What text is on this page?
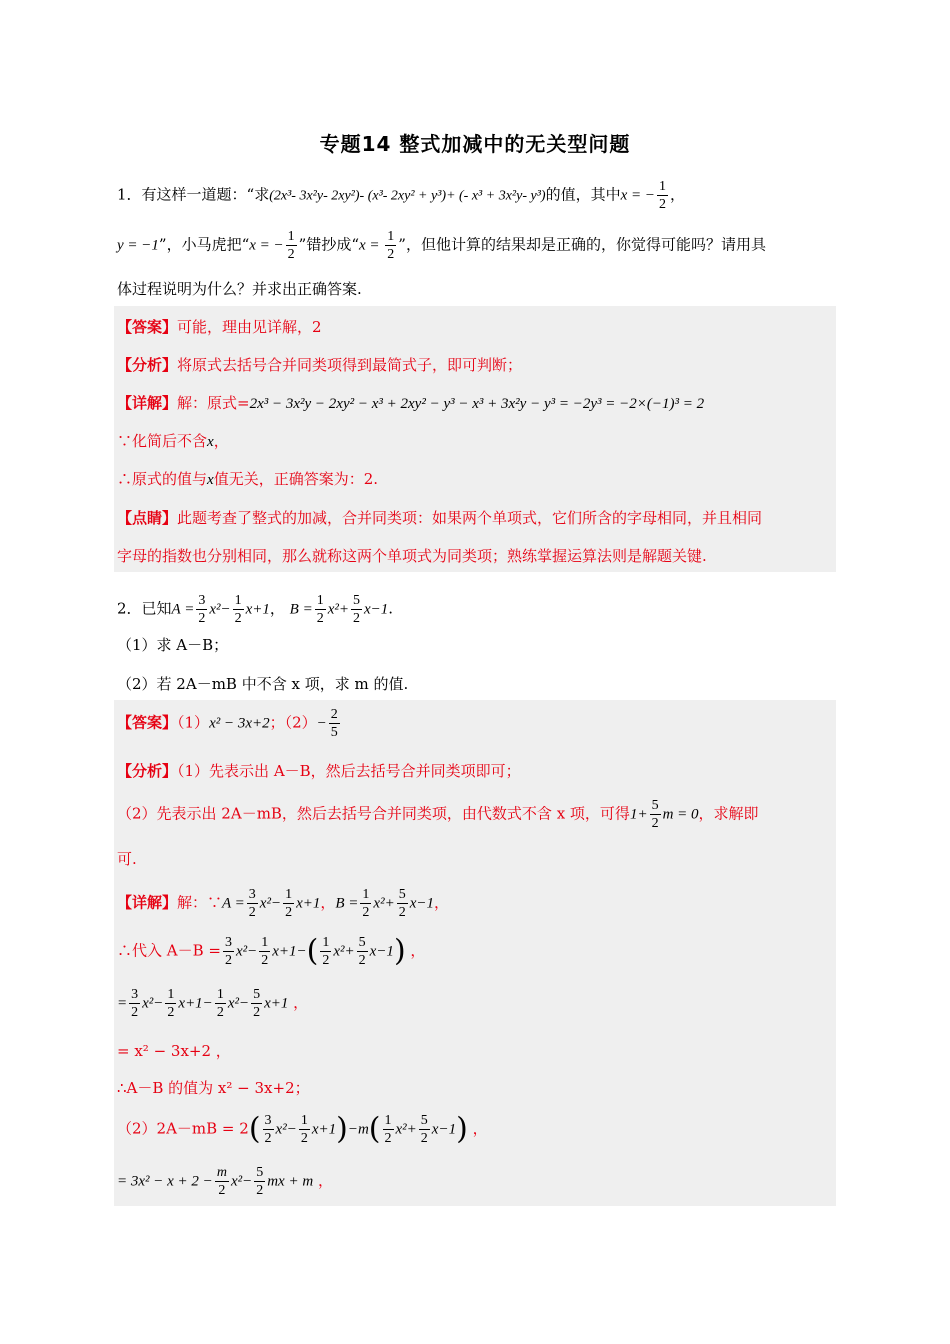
专题14 整式加减中的无关型问题
1．有这样一道题：“求(2x³- 3x²y- 2xy²)- (x³- 2xy² + y³)+ (- x³ + 3x²y- y³)的值，其中x = − $\frac{1}{2}$ ，
y = −1”，小马虎把“x = − $\frac{1}{2}$ ”错抄成“$x = \frac{1}{2}$ ”，但他计算的结果却是正确的，你觉得可能吗？请用具
体过程说明为什么？并求出正确答案.
【答案】可能，理由见详解，2
【分析】将原式去括号合并同类项得到最简式子，即可判断；
【详解】解：原式=2x³ − 3x²y − 2xy² − x³ + 2xy² − y³ − x³ + 3x²y − y³ = −2y³ = −2×(−1)³ = 2
∵化简后不含x，
∴原式的值与x值无关，正确答案为：2.
【点睛】此题考查了整式的加减，合并同类项：如果两个单项式，它们所含的字母相同，并且相同
字母的指数也分别相同，那么就称这两个单项式为同类项；熟练掌握运算法则是解题关键.
2．已知$A = \frac{3}{2} x^2- \frac{1}{2} x+1$， $B = \frac{1}{2} x^2+ \frac{5}{2} x-1$.
（1）求 A－B；
（2）若 2A－mB 中不含 x 项，求 m 的值.
【答案】（1）x² − 3x+2；$(2)- \frac{2}{5}$
【分析】（1）先表示出 A－B，然后去括号合并同类项即可；
（2）先表示出 2A－mB，然后去括号合并同类项，由代数式不含 x 项，可得$1+ \frac{5}{2}$ m = 0，求解即
可.
【详解】解：∵A = $\frac{3}{2} x^2- \frac{1}{2} x+1$，$B = \frac{1}{2} x^2+ \frac{5}{2} x-1$，
∴代入 $A-B = \frac{3}{2} x^2- \frac{1}{2} x+1-( \frac{1}{2} x^2+ \frac{5}{2} x-1)$ ，
= $\frac{3}{2} x^2- \frac{1}{2} x+1- \frac{1}{2} x^2- \frac{5}{2} x+1$ ，
= x² − 3x+2 ，
∴A－B 的值为 x² − 3x+2；
$(2)2A-mB = 2( \frac{3}{2} x^2- \frac{1}{2} x+1)-m( \frac{1}{2} x^2+ \frac{5}{2} x-1)$ ，
= $3x^2 - x + 2 - \frac{m}{2} x^2- \frac{5}{2}$ mx + m ，
